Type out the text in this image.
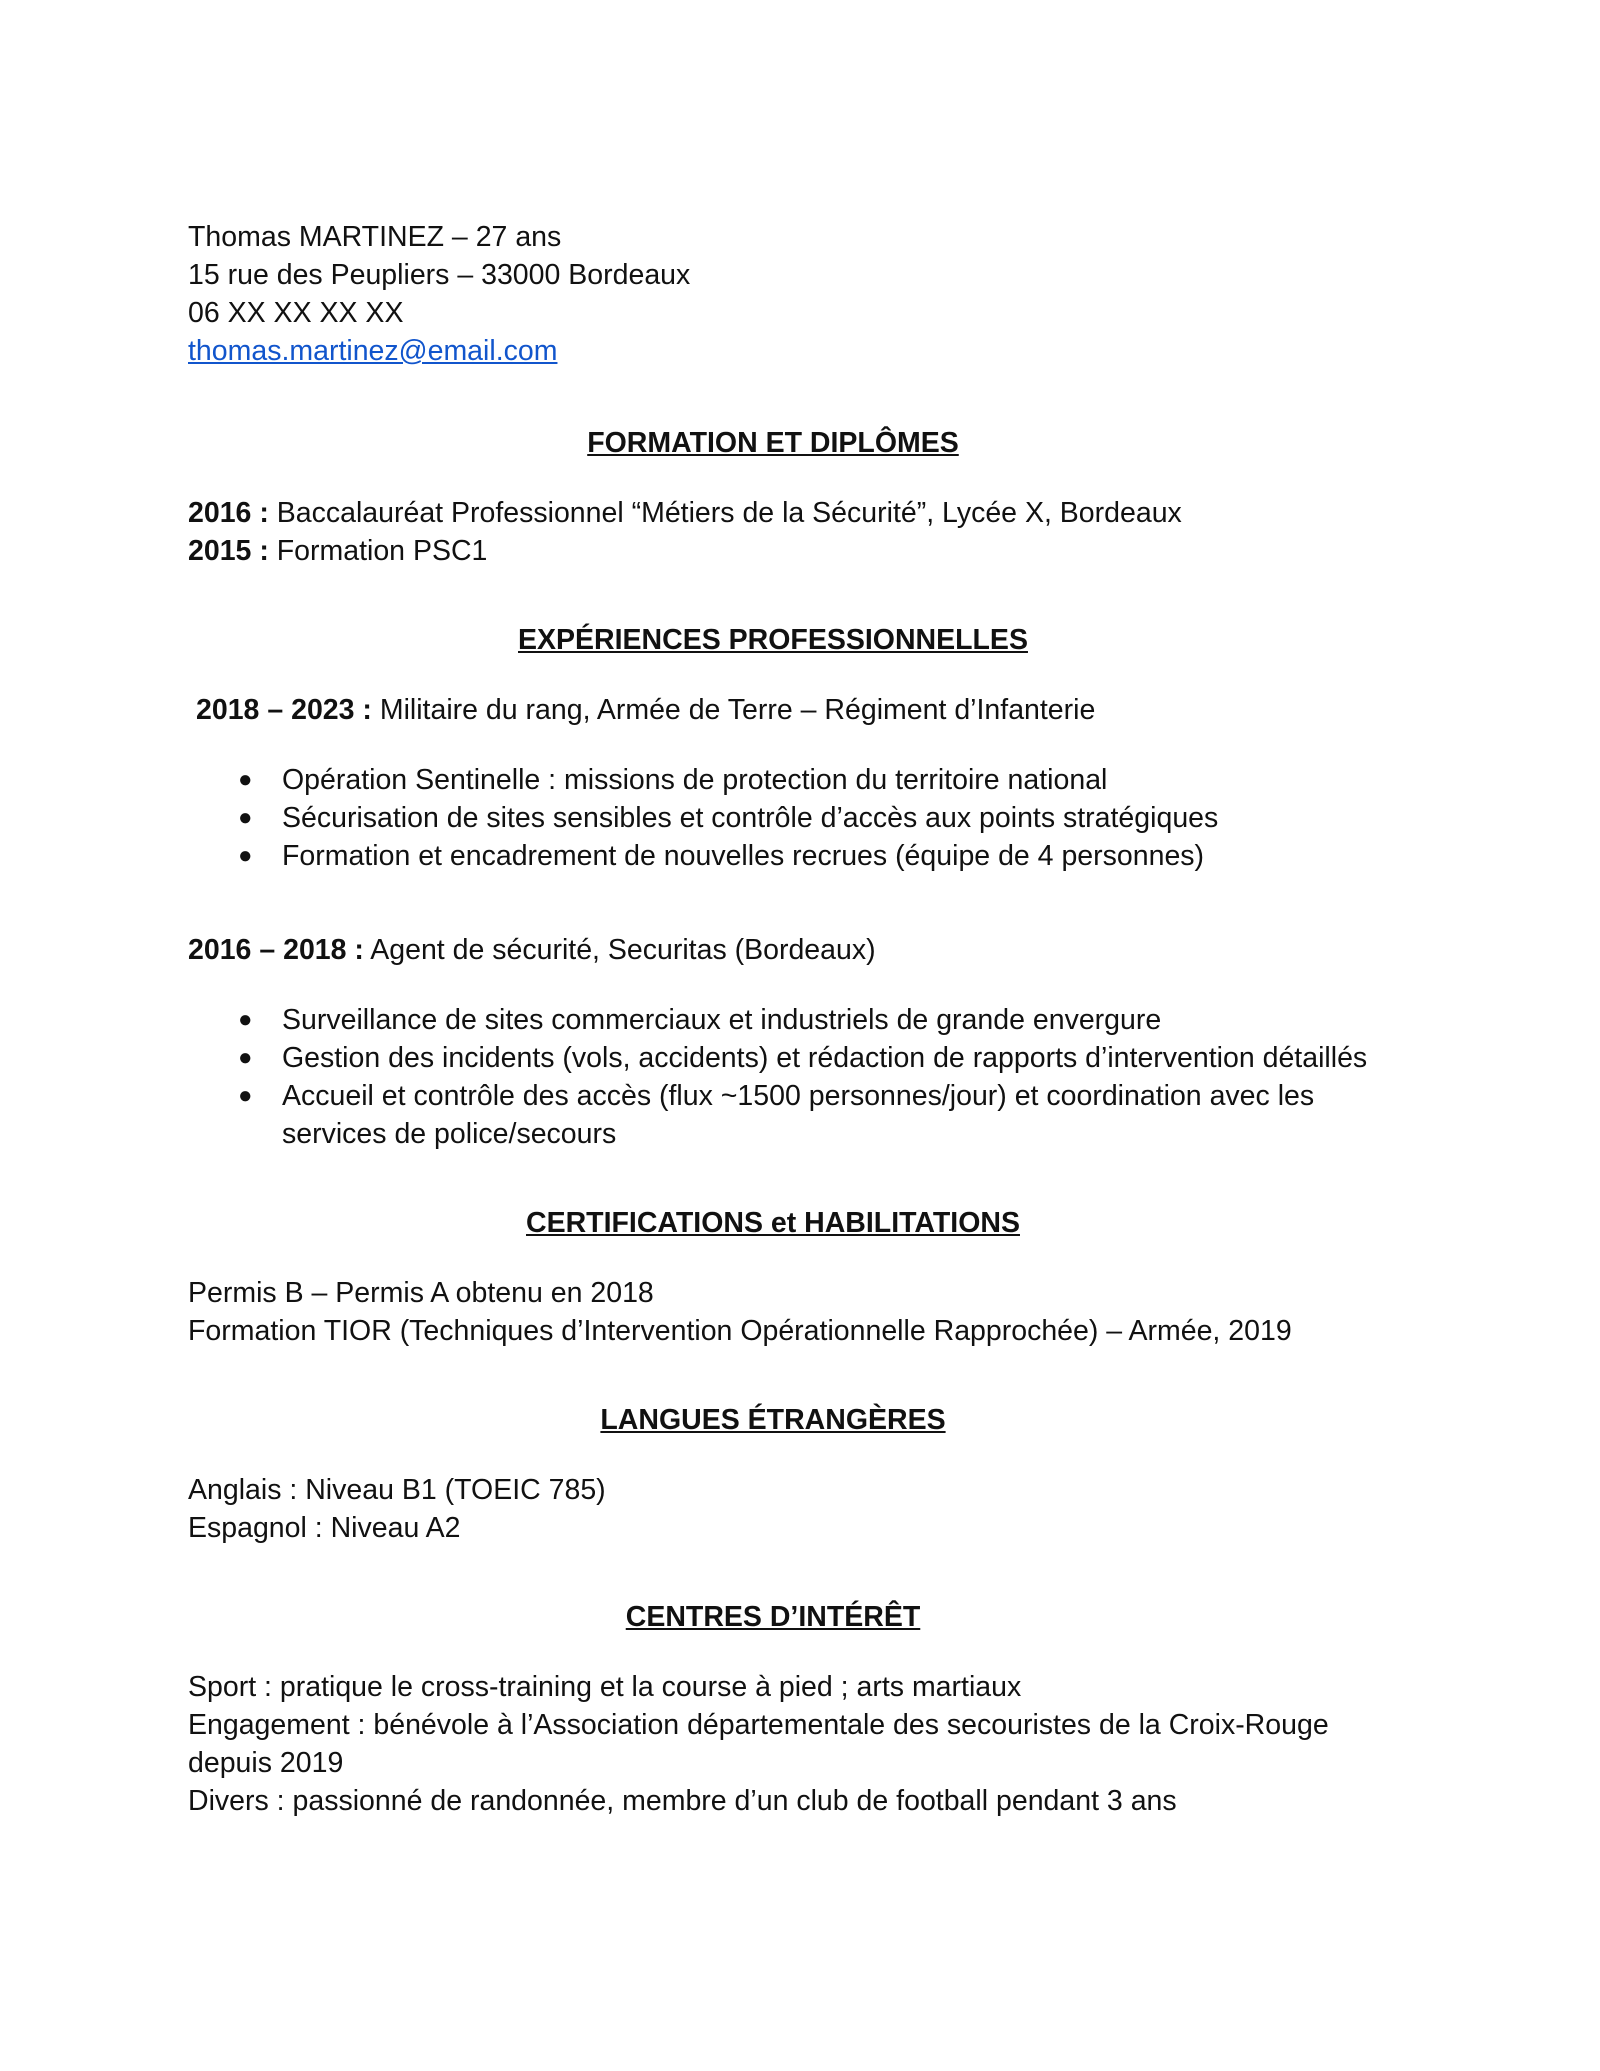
Thomas MARTINEZ – 27 ans
15 rue des Peupliers – 33000 Bordeaux
06 XX XX XX XX
thomas.martinez@email.com
FORMATION ET DIPLÔMES
2016 : Baccalauréat Professionnel “Métiers de la Sécurité”, Lycée X, Bordeaux
2015 : Formation PSC1
EXPÉRIENCES PROFESSIONNELLES
2018 – 2023 : Militaire du rang, Armée de Terre – Régiment d’Infanterie
● Opération Sentinelle : missions de protection du territoire national
● Sécurisation de sites sensibles et contrôle d’accès aux points stratégiques
● Formation et encadrement de nouvelles recrues (équipe de 4 personnes)
2016 – 2018 : Agent de sécurité, Securitas (Bordeaux)
● Surveillance de sites commerciaux et industriels de grande envergure
● Gestion des incidents (vols, accidents) et rédaction de rapports d’intervention détaillés
● Accueil et contrôle des accès (flux ~1500 personnes/jour) et coordination avec les services de police/secours
CERTIFICATIONS et HABILITATIONS
Permis B – Permis A obtenu en 2018
Formation TIOR (Techniques d’Intervention Opérationnelle Rapprochée) – Armée, 2019
LANGUES ÉTRANGÈRES
Anglais : Niveau B1 (TOEIC 785)
Espagnol : Niveau A2
CENTRES D’INTÉRÊT
Sport : pratique le cross-training et la course à pied ; arts martiaux
Engagement : bénévole à l’Association départementale des secouristes de la Croix-Rouge depuis 2019
Divers : passionné de randonnée, membre d’un club de football pendant 3 ans
